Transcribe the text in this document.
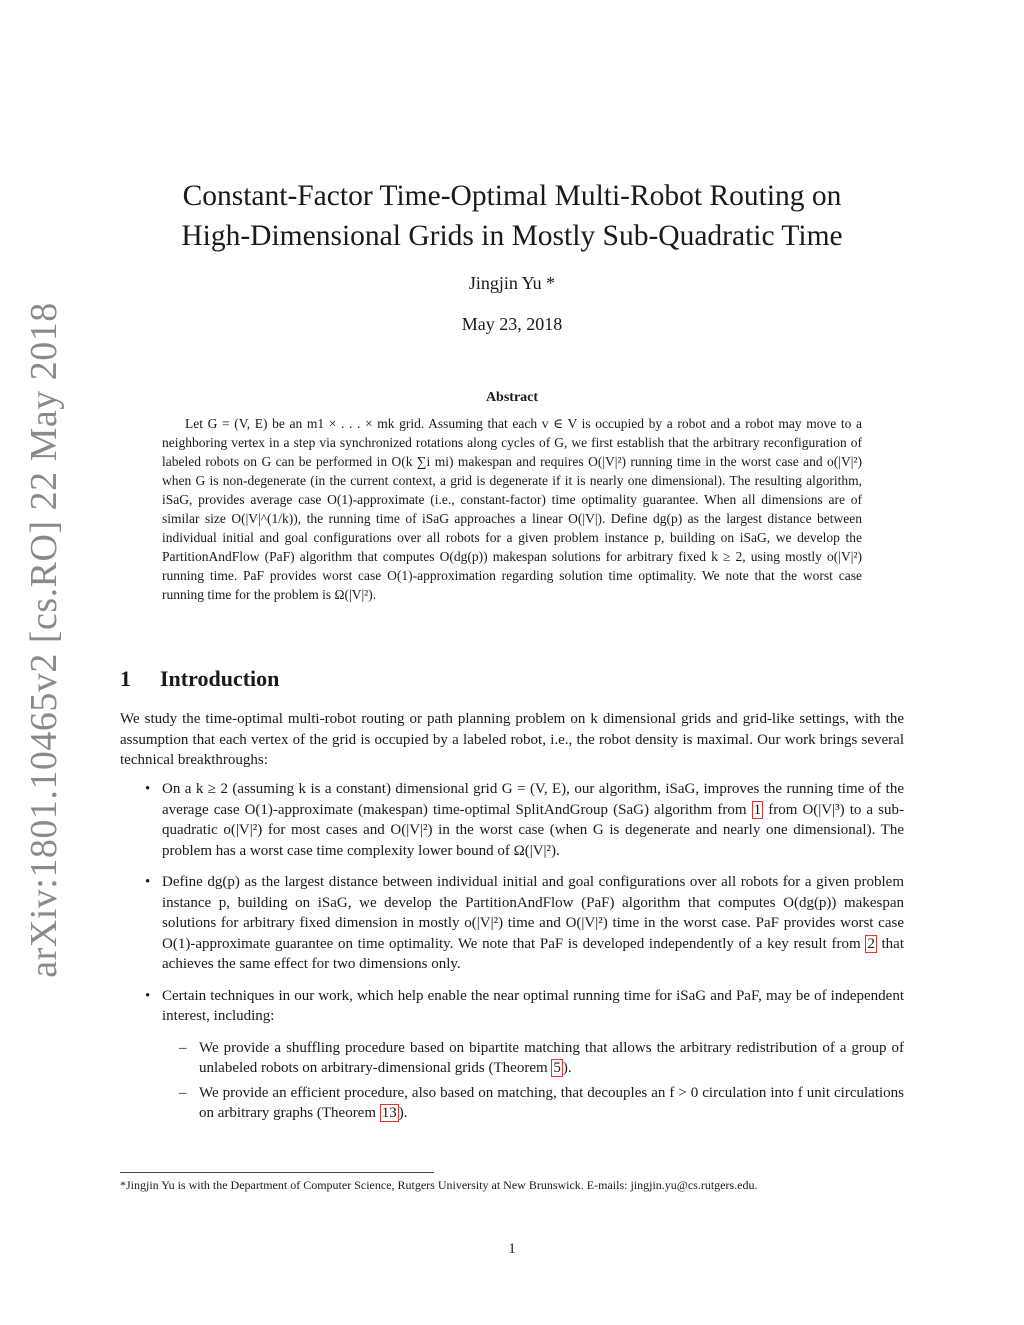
arXiv:1801.10465v2 [cs.RO] 22 May 2018
Constant-Factor Time-Optimal Multi-Robot Routing on
High-Dimensional Grids in Mostly Sub-Quadratic Time
Jingjin Yu *
May 23, 2018
Abstract

Let G = (V, E) be an m1 × . . . × mk grid. Assuming that each v ∈ V is occupied by a robot and a robot may move to a neighboring vertex in a step via synchronized rotations along cycles of G, we first establish that the arbitrary reconfiguration of labeled robots on G can be performed in O(k ∑i mi) makespan and requires O(|V|²) running time in the worst case and o(|V|²) when G is non-degenerate (in the current context, a grid is degenerate if it is nearly one dimensional). The resulting algorithm, iSaG, provides average case O(1)-approximate (i.e., constant-factor) time optimality guarantee. When all dimensions are of similar size O(|V|^(1/k)), the running time of iSaG approaches a linear O(|V|). Define dg(p) as the largest distance between individual initial and goal configurations over all robots for a given problem instance p, building on iSaG, we develop the PartitionAndFlow (PaF) algorithm that computes O(dg(p)) makespan solutions for arbitrary fixed k ≥ 2, using mostly o(|V|²) running time. PaF provides worst case O(1)-approximation regarding solution time optimality. We note that the worst case running time for the problem is Ω(|V|²).

1 Introduction

We study the time-optimal multi-robot routing or path planning problem on k dimensional grids and grid-like settings, with the assumption that each vertex of the grid is occupied by a labeled robot, i.e., the robot density is maximal. Our work brings several technical breakthroughs:

• On a k ≥ 2 (assuming k is a constant) dimensional grid G = (V, E), our algorithm, iSaG, improves the running time of the average case O(1)-approximate (makespan) time-optimal SplitAndGroup (SaG) algorithm from 1 from O(|V|³) to a sub-quadratic o(|V|²) for most cases and O(|V|²) in the worst case (when G is degenerate and nearly one dimensional). The problem has a worst case time complexity lower bound of Ω(|V|²).
• Define dg(p) as the largest distance between individual initial and goal configurations over all robots for a given problem instance p, building on iSaG, we develop the PartitionAndFlow (PaF) algorithm that computes O(dg(p)) makespan solutions for arbitrary fixed dimension in mostly o(|V|²) time and O(|V|²) time in the worst case. PaF provides worst case O(1)-approximate guarantee on time optimality. We note that PaF is developed independently of a key result from 2 that achieves the same effect for two dimensions only.
• Certain techniques in our work, which help enable the near optimal running time for iSaG and PaF, may be of independent interest, including:
– We provide a shuffling procedure based on bipartite matching that allows the arbitrary redistribution of a group of unlabeled robots on arbitrary-dimensional grids (Theorem 5 ).
– We provide an efficient procedure, also based on matching, that decouples an f > 0 circulation into f unit circulations on arbitrary graphs (Theorem 13 ).

*Jingjin Yu is with the Department of Computer Science, Rutgers University at New Brunswick. E-mails: jingjin.yu@cs.rutgers.edu.

1
